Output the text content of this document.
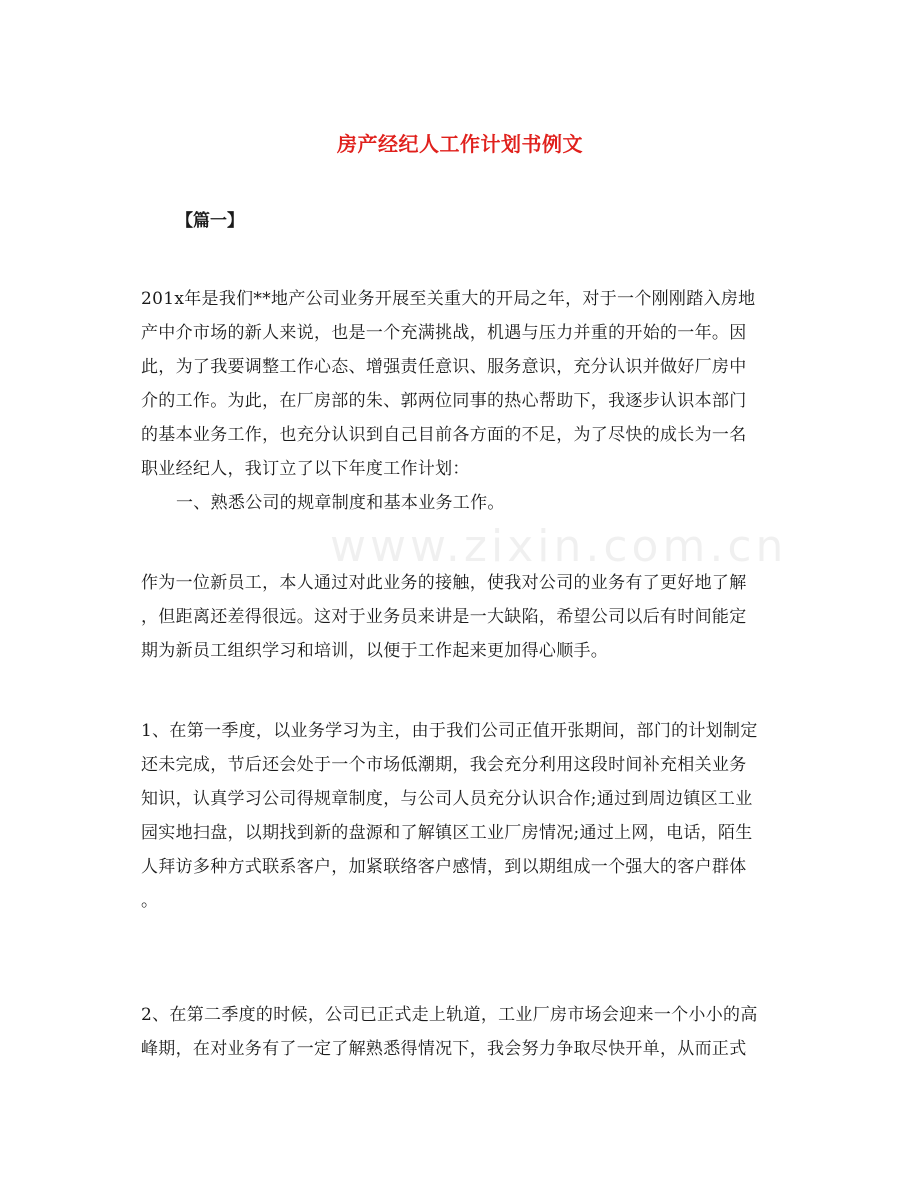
www.zixin.com.cn
房产经纪人工作计划书例文
【篇一】
201x年是我们**地产公司业务开展至关重大的开局之年，对于一个刚刚踏入房地
产中介市场的新人来说，也是一个充满挑战，机遇与压力并重的开始的一年。因
此，为了我要调整工作心态、增强责任意识、服务意识，充分认识并做好厂房中
介的工作。为此，在厂房部的朱、郭两位同事的热心帮助下，我逐步认识本部门
的基本业务工作，也充分认识到自己目前各方面的不足，为了尽快的成长为一名
职业经纪人，我订立了以下年度工作计划：
一、熟悉公司的规章制度和基本业务工作。
作为一位新员工，本人通过对此业务的接触，使我对公司的业务有了更好地了解
，但距离还差得很远。这对于业务员来讲是一大缺陷，希望公司以后有时间能定
期为新员工组织学习和培训，以便于工作起来更加得心顺手。
1、在第一季度，以业务学习为主，由于我们公司正值开张期间，部门的计划制定
还未完成，节后还会处于一个市场低潮期，我会充分利用这段时间补充相关业务
知识，认真学习公司得规章制度，与公司人员充分认识合作;通过到周边镇区工业
园实地扫盘，以期找到新的盘源和了解镇区工业厂房情况;通过上网，电话，陌生
人拜访多种方式联系客户，加紧联络客户感情，到以期组成一个强大的客户群体
。
2、在第二季度的时候，公司已正式走上轨道，工业厂房市场会迎来一个小小的高
峰期，在对业务有了一定了解熟悉得情况下，我会努力争取尽快开单，从而正式
